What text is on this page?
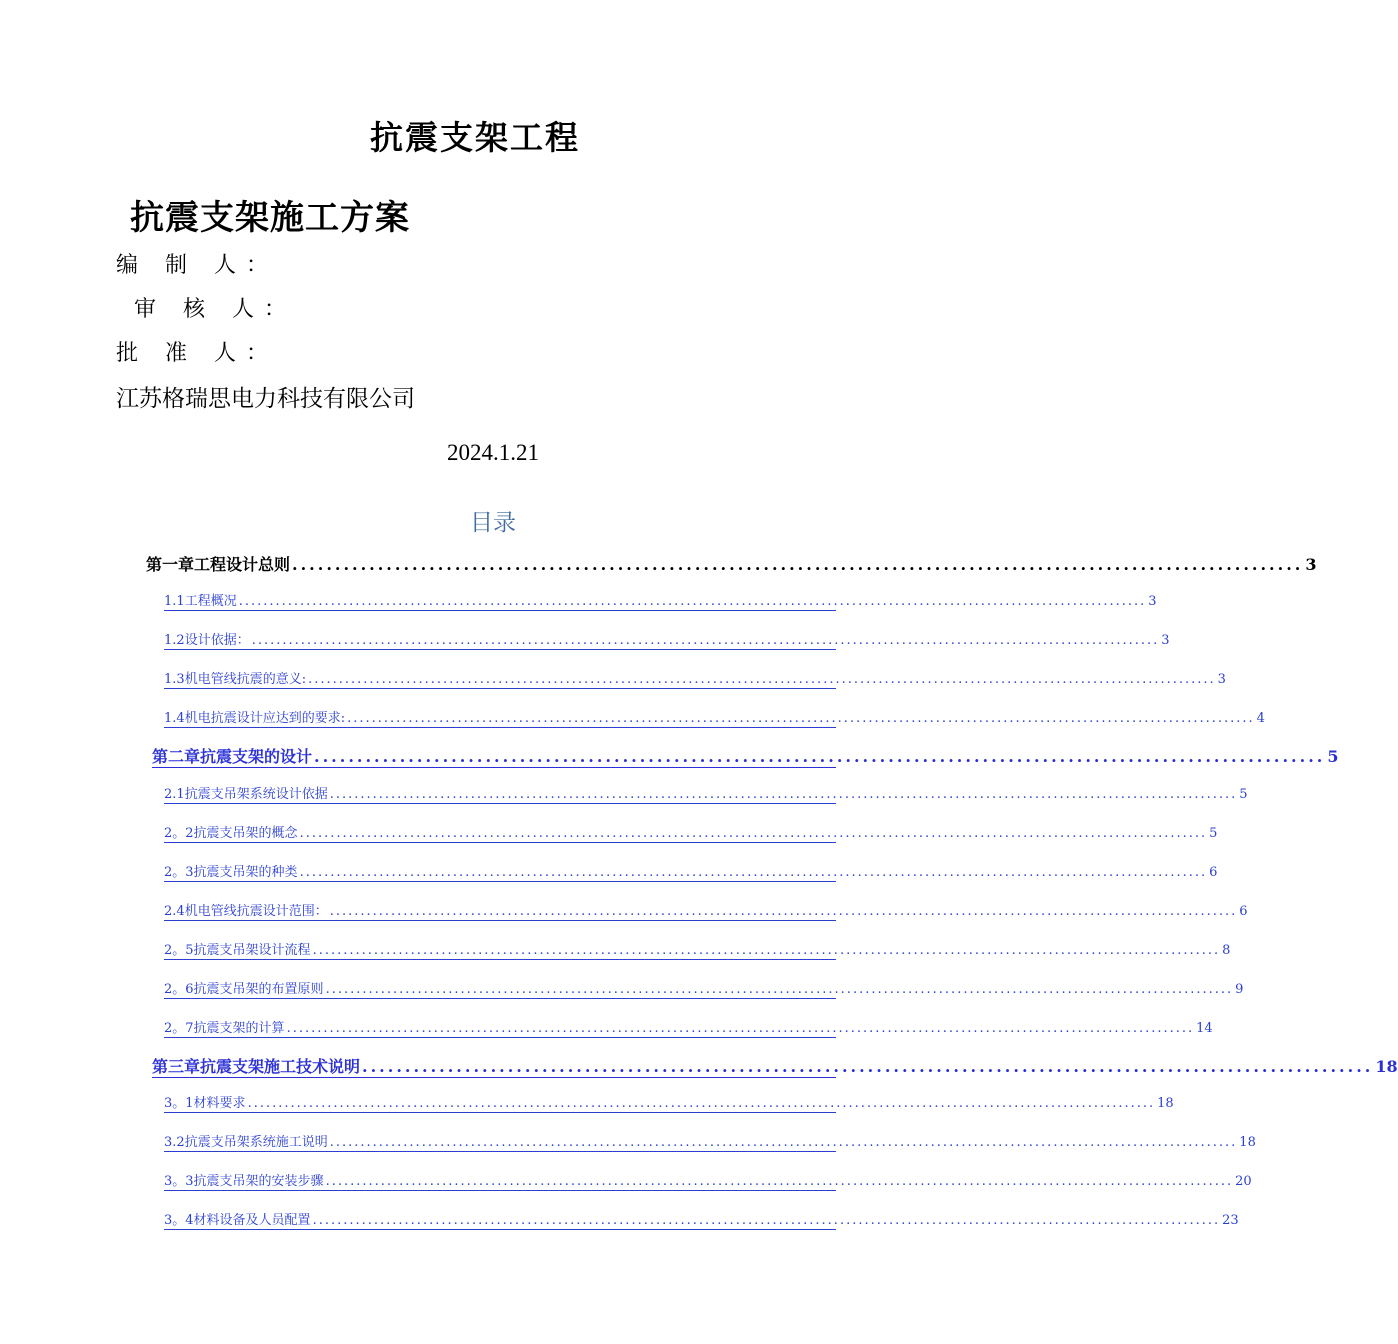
抗震支架工程
抗震支架施工方案
编 制 人：
审 核 人：
批 准 人：
江苏格瑞思电力科技有限公司
2024.1.21
目录
第一章 工程设计总则 ...................................................................................................................... 3
1.1 工程概况 .................................................................................................................................................... 3
1.2 设计依据： .................................................................................................................................................... 3
1.3 机电管线抗震的意义: .................................................................................................................................................... 3
1.4 机电抗震设计应达到的要求: .................................................................................................................................................... 4
第二章 抗震支架的设计 ...................................................................................................................... 5
2.1 抗震支吊架系统设计依据 .................................................................................................................................................... 5
2。2 抗震支吊架的概念 .................................................................................................................................................... 5
2。3 抗震支吊架的种类 .................................................................................................................................................... 6
2.4 机电管线抗震设计范围： .................................................................................................................................................... 6
2。5 抗震支吊架设计流程 .................................................................................................................................................... 8
2。6 抗震支吊架的布置原则 .................................................................................................................................................... 9
2。7 抗震支架的计算 .................................................................................................................................................... 14
第三章 抗震支架施工技术说明 ...................................................................................................................... 18
3。1 材料要求 .................................................................................................................................................... 18
3.2 抗震支吊架系统施工说明 .................................................................................................................................................... 18
3。3 抗震支吊架的安装步骤 .................................................................................................................................................... 20
3。4 材料设备及人员配置 .................................................................................................................................................... 23
